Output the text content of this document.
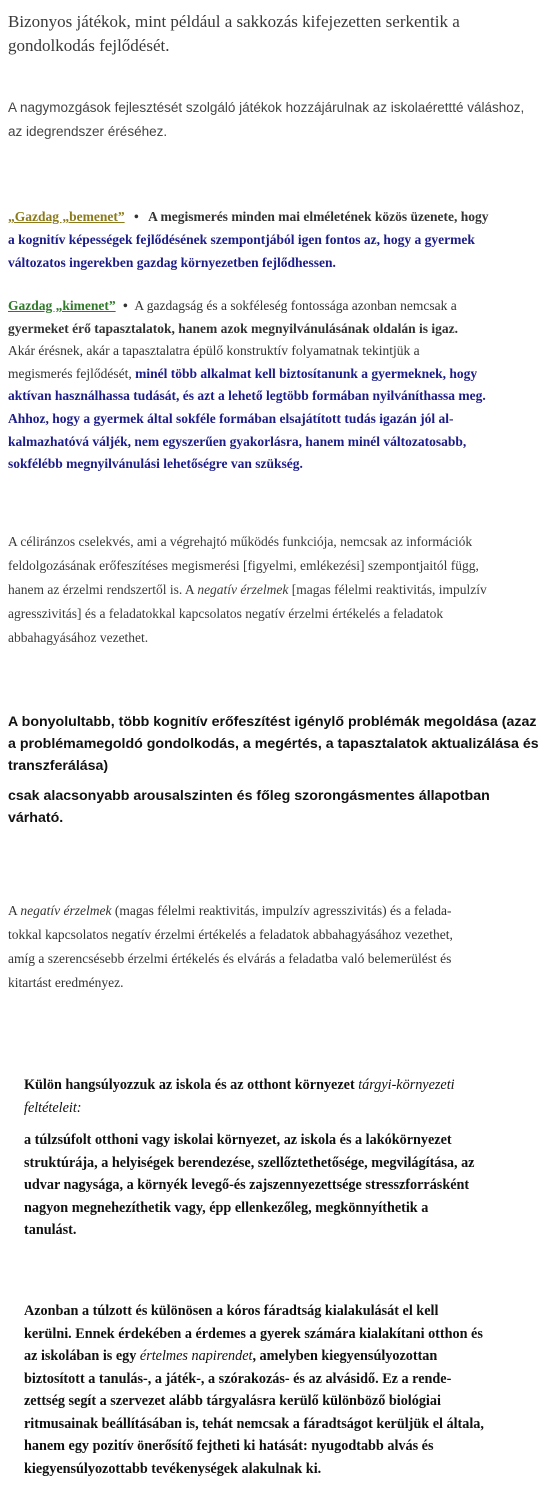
Bizonyos játékok, mint például a sakkozás kifejezetten serkentik a
gondolkodás fejlődését.
A nagymozgások fejlesztését szolgáló játékok hozzájárulnak az iskolaérettté váláshoz,
az idegrendszer éréséhez.
„Gazdag „bemenet” • A megismerés minden mai elméletének közös üzenete, hogy
a kognitív képességek fejlődésének szempontjából igen fontos az, hogy a gyermek
változatos ingerekben gazdag környezetben fejlődhessen.
Gazdag „kimenet” • A gazdagság és a sokféleség fontossága azonban nemcsak a
gyermeket érő tapasztalatok, hanem azok megnyilvánulásának oldalán is igaz.
Akár érésnek, akár a tapasztalatra épülő konstruktív folyamatnak tekintjük a
megismerés fejlődését, minél több alkalmat kell biztosítanunk a gyermeknek, hogy
aktívan használhassa tudását, és azt a lehető legtöbb formában nyilváníthassa meg.
Ahhoz, hogy a gyermek által sokféle formában elsajátított tudás igazán jól al-
kalmazhatóvá váljék, nem egyszerűen gyakorlásra, hanem minél változatosabb,
sokfélébb megnyilvánulási lehetőségre van szükség.
A céliránzos cselekvés, ami a végrehajtó működés funkciója, nemcsak az információk
feldolgozásának erőfeszítéses megismerési [figyelmi, emlékezési] szempontjaitól függ,
hanem az érzelmi rendszertől is. A negatív érzelmek [magas félelmi reaktivitás, impulzív
agresszivitás] és a feladatokkal kapcsolatos negatív érzelmi értékelés a feladatok
abbahagyásához vezethet.
A bonyolultabb, több kognitív erőfeszítést igénylő problémák megoldása (azaz
a problémamegoldó gondolkodás, a megértés, a tapasztalatok aktualizálása és
transzferálása)
csak alacsonyabb arousalszinten és főleg szorongásmentes állapotban
várható.
A negatív érzelmek (magas félelmi reaktivitás, impulzív agresszivitás) és a felada-
tokkal kapcsolatos negatív érzelmi értékelés a feladatok abbahagyásához vezethet,
amíg a szerencsésebb érzelmi értékelés és elvárás a feladatba való belemerülést és
kitartást eredményez.
Külön hangsúlyozzuk az iskola és az otthont környezet tárgyi-környezeti
feltételeit:
a túlzsúfolt otthoni vagy iskolai környezet, az iskola és a lakókörnyezet
struktúrája, a helyiségek berendezése, szellőztethetősége, megvilágítása, az
udvar nagysága, a környék levegő-és zajszennyezettsége stresszforrásként
nagyon megnehezíthetik vagy, épp ellenkezőleg, megkönnyíthetik a
tanulást.
Azonban a túlzott és különösen a kóros fáradtság kialakulását el kell
kerülni. Ennek érdekében a érdemes a gyerek számára kialakítani otthon és
az iskolában is egy értelmes napirendet, amelyben kiegyensúlyozottan
biztosított a tanulás-, a játék-, a szórakozás- és az alvásidő. Ez a rende-
zettség segít a szervezet alább tárgyalásra kerülő különböző biológiai
ritmusainak beállításában is, tehát nemcsak a fáradtságot kerüljük el általa,
hanem egy pozitív önerősítő fejtheti ki hatását: nyugodtabb alvás és
kiegyensúlyozottabb tevékenységek alakulnak ki.
